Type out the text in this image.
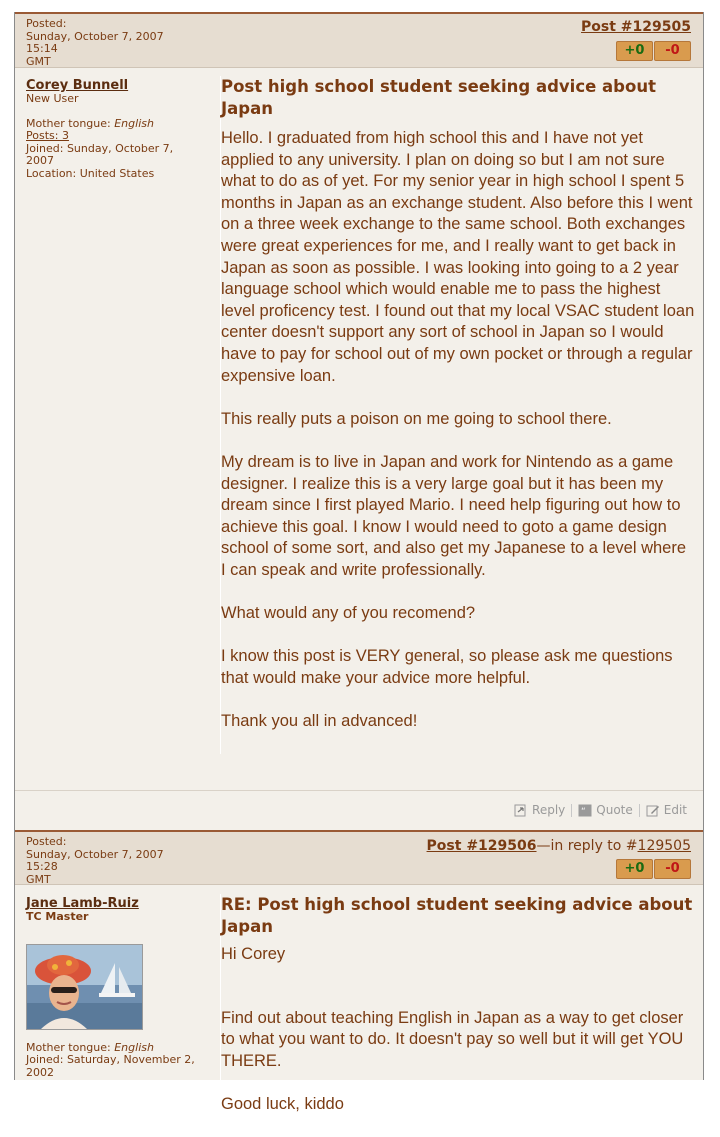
Posted:
Sunday, October 7, 2007 15:14
GMT
Post #129505
+0	-0
Corey Bunnell
New User
Mother tongue: English
Posts: 3
Joined: Sunday, October 7, 2007
Location: United States
Post high school student seeking advice about Japan

Hello. I graduated from high school this and I have not yet applied to any university. I plan on doing so but I am not sure what to do as of yet. For my senior year in high school I spent 5 months in Japan as an exchange student. Also before this I went on a three week exchange to the same school. Both exchanges were great experiences for me, and I really want to get back in Japan as soon as possible. I was looking into going to a 2 year language school which would enable me to pass the highest level proficency test. I found out that my local VSAC student loan center doesn't support any sort of school in Japan so I would have to pay for school out of my own pocket or through a regular expensive loan.

This really puts a poison on me going to school there.

My dream is to live in Japan and work for Nintendo as a game designer. I realize this is a very large goal but it has been my dream since I first played Mario. I need help figuring out how to achieve this goal. I know I would need to goto a game design school of some sort, and also get my Japanese to a level where I can speak and write professionally.

What would any of you recomend?

I know this post is VERY general, so please ask me questions that would make your advice more helpful.

Thank you all in advanced!

Reply “ Quote	Edit
Posted:
Sunday, October 7, 2007 15:28
GMT
Post #129506—in reply to #129505
+0	-0
Jane Lamb-Ruiz
TC Master
Mother tongue: English
Joined: Saturday, November 2, 2002
RE: Post high school student seeking advice about Japan

Hi Corey

Find out about teaching English in Japan as a way to get closer to what you want to do. It doesn't pay so well but it will get YOU THERE.

Good luck, kiddo
